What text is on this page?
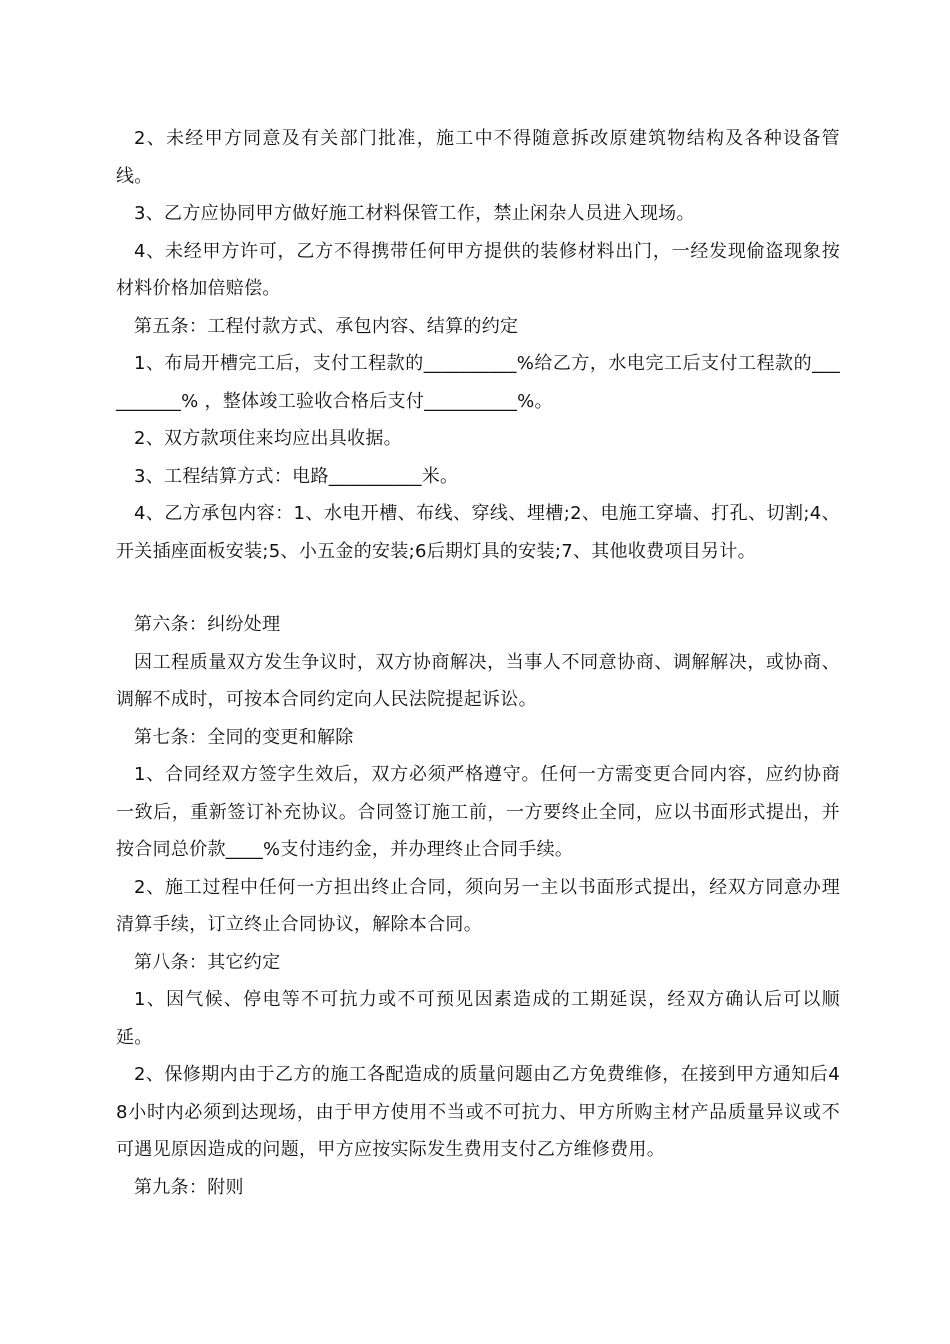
2、未经甲方同意及有关部门批准，施工中不得随意拆改原建筑物结构及各种设备管线。

3、乙方应协同甲方做好施工材料保管工作，禁止闲杂人员进入现场。

4、未经甲方许可，乙方不得携带任何甲方提供的装修材料出门，一经发现偷盗现象按材料价格加倍赔偿。

第五条：工程付款方式、承包内容、结算的约定

1、布局开槽完工后，支付工程款的__________%给乙方，水电完工后支付工程款的__________% ，整体竣工验收合格后支付__________%。

2、双方款项住来均应出具收据。

3、工程结算方式：电路__________米。

4、乙方承包内容：1、水电开槽、布线、穿线、埋槽;2、电施工穿墙、打孔、切割;4、开关插座面板安装;5、小五金的安装;6后期灯具的安装;7、其他收费项目另计。

第六条：纠纷处理

因工程质量双方发生争议时，双方协商解决，当事人不同意协商、调解解决，或协商、调解不成时，可按本合同约定向人民法院提起诉讼。

第七条：全同的变更和解除

1、合同经双方签字生效后，双方必须严格遵守。任何一方需变更合同内容，应约协商一致后，重新签订补充协议。合同签订施工前，一方要终止全同，应以书面形式提出，并按合同总价款____%支付违约金，并办理终止合同手续。

2、施工过程中任何一方担出终止合同，须向另一主以书面形式提出，经双方同意办理清算手续，订立终止合同协议，解除本合同。

第八条：其它约定

1、因气候、停电等不可抗力或不可预见因素造成的工期延误，经双方确认后可以顺延。

2、保修期内由于乙方的施工各配造成的质量问题由乙方免费维修，在接到甲方通知后48小时内必须到达现场，由于甲方使用不当或不可抗力、甲方所购主材产品质量异议或不可遇见原因造成的问题，甲方应按实际发生费用支付乙方维修费用。

第九条：附则
